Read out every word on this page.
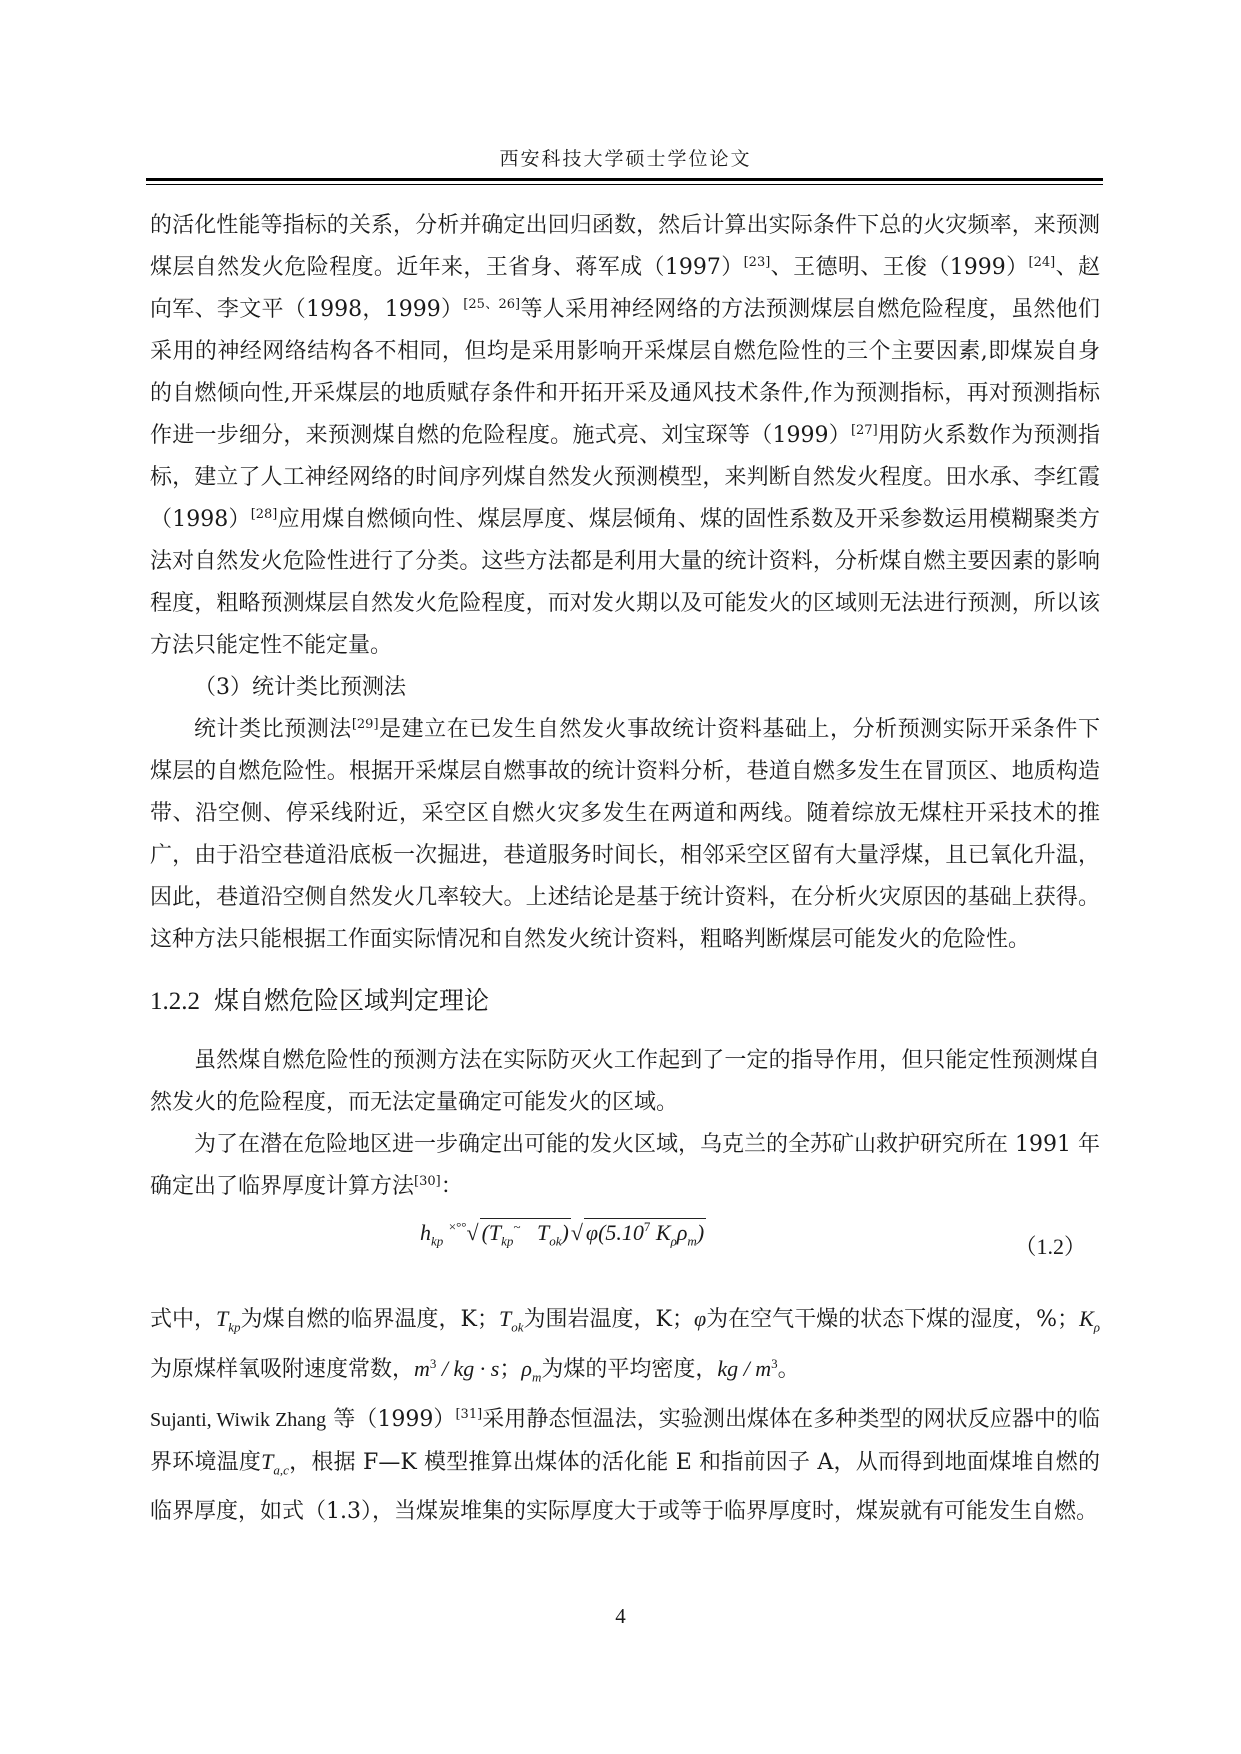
西安科技大学硕士学位论文

的活化性能等指标的关系，分析并确定出回归函数，然后计算出实际条件下总的火灾频率，来预测煤层自然发火危险程度。近年来，王省身、蒋军成（1997）[23]、王德明、王俊（1999）[24]、赵向军、李文平（1998，1999）[25、26]等人采用神经网络的方法预测煤层自燃危险程度，虽然他们采用的神经网络结构各不相同，但均是采用影响开采煤层自燃危险性的三个主要因素,即煤炭自身的自燃倾向性,开采煤层的地质赋存条件和开拓开采及通风技术条件,作为预测指标，再对预测指标作进一步细分，来预测煤自燃的危险程度。施式亮、刘宝琛等（1999）[27]用防火系数作为预测指标，建立了人工神经网络的时间序列煤自然发火预测模型，来判断自然发火程度。田水承、李红霞（1998）[28]应用煤自燃倾向性、煤层厚度、煤层倾角、煤的固性系数及开采参数运用模糊聚类方法对自然发火危险性进行了分类。这些方法都是利用大量的统计资料，分析煤自燃主要因素的影响程度，粗略预测煤层自然发火危险程度，而对发火期以及可能发火的区域则无法进行预测，所以该方法只能定性不能定量。

（3）统计类比预测法

统计类比预测法[29]是建立在已发生自然发火事故统计资料基础上，分析预测实际开采条件下煤层的自燃危险性。根据开采煤层自燃事故的统计资料分析，巷道自燃多发生在冒顶区、地质构造带、沿空侧、停采线附近，采空区自燃火灾多发生在两道和两线。随着综放无煤柱开采技术的推广，由于沿空巷道沿底板一次掘进，巷道服务时间长，相邻采空区留有大量浮煤，且已氧化升温，因此，巷道沿空侧自然发火几率较大。上述结论是基于统计资料，在分析火灾原因的基础上获得。这种方法只能根据工作面实际情况和自然发火统计资料，粗略判断煤层可能发火的危险性。

1.2.2 煤自燃危险区域判定理论

虽然煤自燃危险性的预测方法在实际防灭火工作起到了一定的指导作用，但只能定性预测煤自然发火的危险程度，而无法定量确定可能发火的区域。

为了在潜在危险地区进一步确定出可能的发火区域，乌克兰的全苏矿山救护研究所在 1991 年确定出了临界厚度计算方法[30]：

$h_{kp}$ ×°°√ ($T_{kp}^\sim$ $T_{ok})√$ φ(5.10$^7$ $K_\rho\rho_m$)
（1.2）

式中，$T_{kp}$为煤自燃的临界温度，K；$T_{ok}$为围岩温度，K；φ为在空气干燥的状态下煤的湿度，%；$K_\rho$为原煤样氧吸附速度常数，$m^3$ / kg · s；$\rho_m$为煤的平均密度，kg / $m^3$。

Sujanti, Wiwik Zhang 等（1999）[31]采用静态恒温法，实验测出煤体在多种类型的网状反应器中的临界环境温度$T_{a,c}$，根据 F—K 模型推算出煤体的活化能 E 和指前因子 A，从而得到地面煤堆自燃的临界厚度，如式（1.3），当煤炭堆集的实际厚度大于或等于临界厚度时，煤炭就有可能发生自燃。

4
